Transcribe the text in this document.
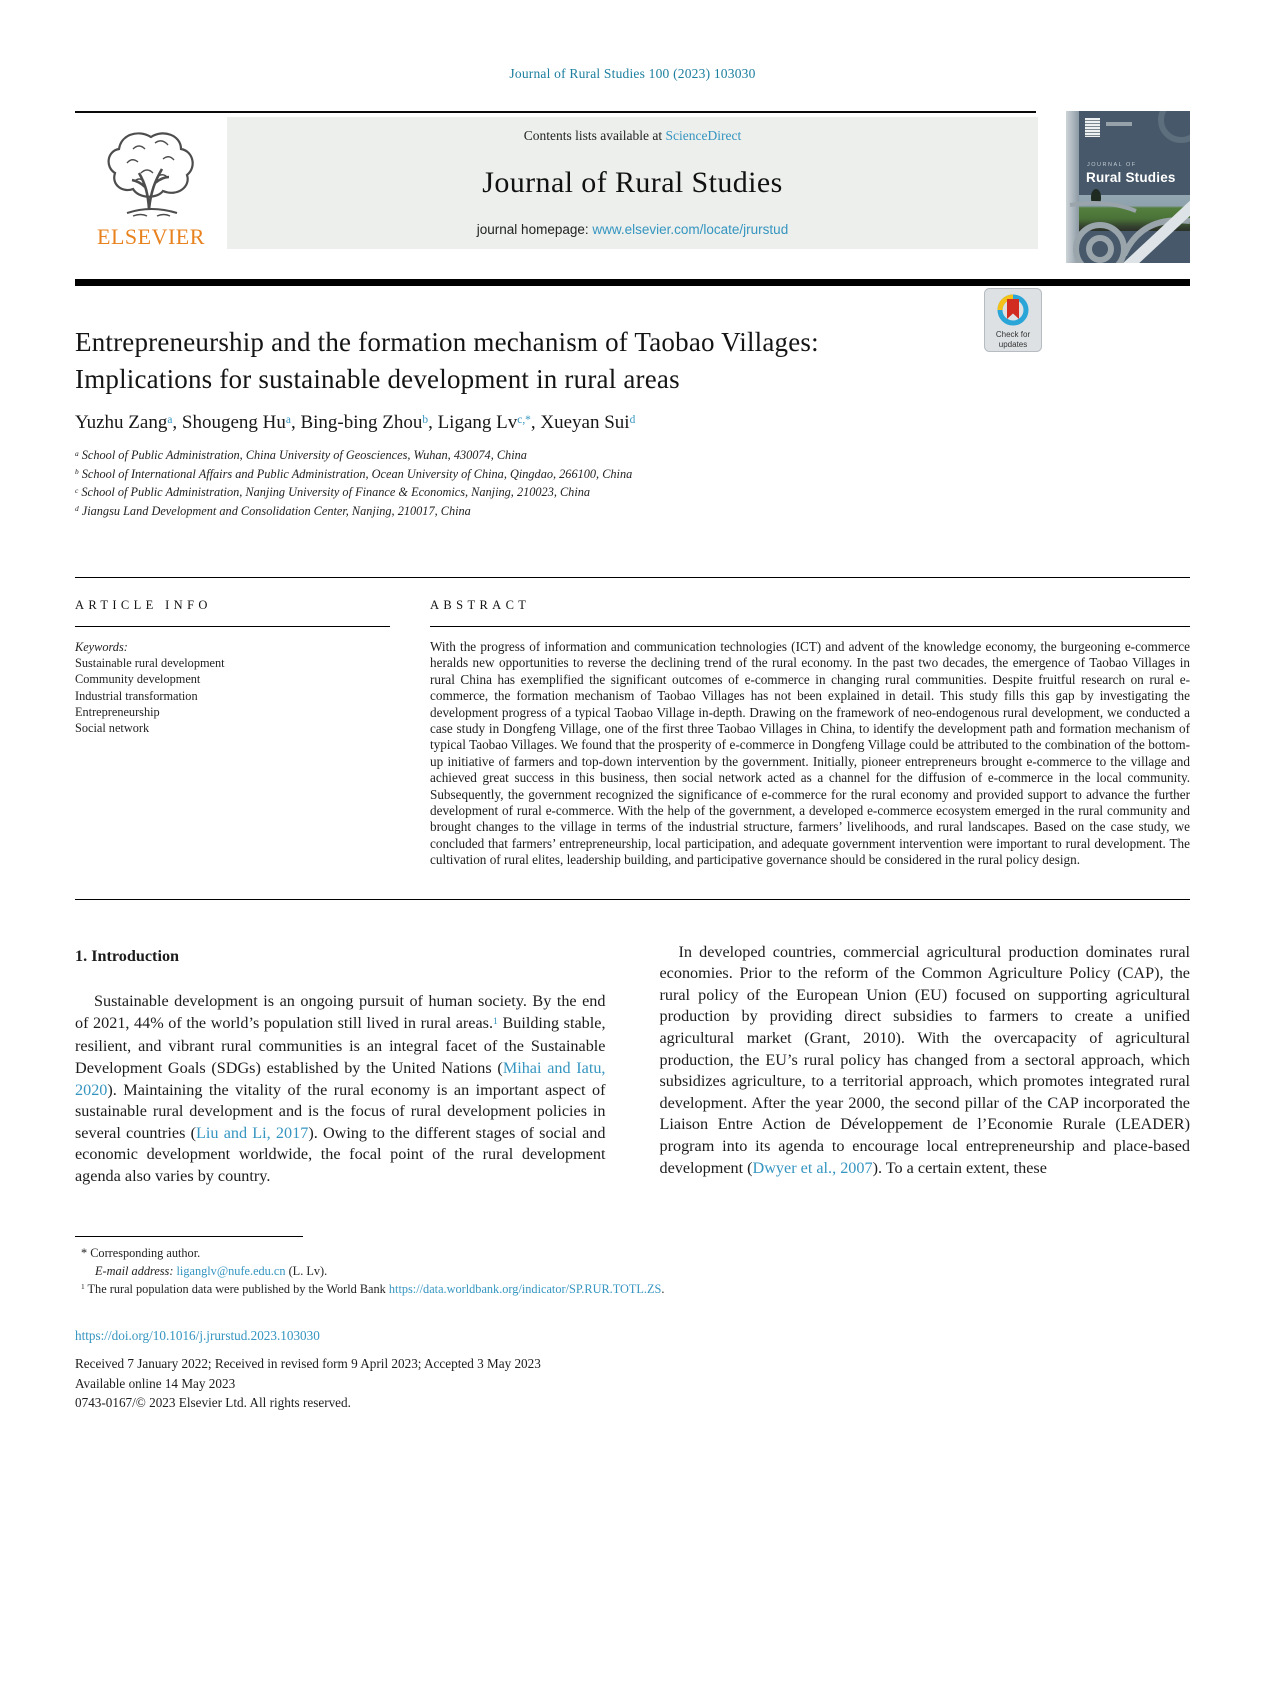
Journal of Rural Studies 100 (2023) 103030
ELSEVIER
Contents lists available at ScienceDirect
Journal of Rural Studies
journal homepage: www.elsevier.com/locate/jrurstud
JOURNAL OF
Rural Studies
Entrepreneurship and the formation mechanism of Taobao Villages:
Implications for sustainable development in rural areas
Check for
updates
Yuzhu Zang$^a$, Shougeng Hu$^a$, Bing-bing Zhou$^b$, Ligang $Lv^{c,*}$, Xueyan Sui$^d$
$^a$ School of Public Administration, China University of Geosciences, Wuhan, 430074, China
$^b$ School of International Affairs and Public Administration, Ocean University of China, Qingdao, 266100, China
$^c$ School of Public Administration, Nanjing University of Finance & Economics, Nanjing, 210023, China
$^d$ Jiangsu Land Development and Consolidation Center, Nanjing, 210017, China
ARTICLE INFO
Keywords:
Sustainable rural development
Community development
Industrial transformation
Entrepreneurship
Social network
ABSTRACT

With the progress of information and communication technologies (ICT) and advent of the knowledge economy, the burgeoning e-commerce heralds new opportunities to reverse the declining trend of the rural economy. In the past two decades, the emergence of Taobao Villages in rural China has exemplified the significant outcomes of e-commerce in changing rural communities. Despite fruitful research on rural e-commerce, the formation mechanism of Taobao Villages has not been explained in detail. This study fills this gap by investigating the development progress of a typical Taobao Village in-depth. Drawing on the framework of neo-endogenous rural development, we conducted a case study in Dongfeng Village, one of the first three Taobao Villages in China, to identify the development path and formation mechanism of typical Taobao Villages. We found that the prosperity of e-commerce in Dongfeng Village could be attributed to the combination of the bottom-up initiative of farmers and top-down intervention by the government. Initially, pioneer entrepreneurs brought e-commerce to the village and achieved great success in this business, then social network acted as a channel for the diffusion of e-commerce in the local community. Subsequently, the government recognized the significance of e-commerce for the rural economy and provided support to advance the further development of rural e-commerce. With the help of the government, a developed e-commerce ecosystem emerged in the rural community and brought changes to the village in terms of the industrial structure, farmers’ livelihoods, and rural landscapes. Based on the case study, we concluded that farmers’ entrepreneurship, local participation, and adequate government intervention were important to rural development. The cultivation of rural elites, leadership building, and participative governance should be considered in the rural policy design.

1. Introduction

Sustainable development is an ongoing pursuit of human society. By the end of 2021, 44% of the world’s population still lived in rural areas.$^1$ Building stable, resilient, and vibrant rural communities is an integral facet of the Sustainable Development Goals (SDGs) established by the United Nations (Mihai and Iatu, 2020). Maintaining the vitality of the rural economy is an important aspect of sustainable rural development and is the focus of rural development policies in several countries (Liu and Li, 2017). Owing to the different stages of social and economic development worldwide, the focal point of the rural development agenda also varies by country.

In developed countries, commercial agricultural production dominates rural economies. Prior to the reform of the Common Agriculture Policy (CAP), the rural policy of the European Union (EU) focused on supporting agricultural production by providing direct subsidies to farmers to create a unified agricultural market (Grant, 2010). With the overcapacity of agricultural production, the EU’s rural policy has changed from a sectoral approach, which subsidizes agriculture, to a territorial approach, which promotes integrated rural development. After the year 2000, the second pillar of the CAP incorporated the Liaison Entre Action de Développement de l’Economie Rurale (LEADER) program into its agenda to encourage local entrepreneurship and place-based development (Dwyer et al., 2007). To a certain extent, these

* Corresponding author.
E-mail address: liganglv@nufe.edu.cn (L. Lv).
$^1$ The rural population data were published by the World Bank https://data.worldbank.org/indicator/SP.RUR.TOTL.ZS.
https://doi.org/10.1016/j.jrurstud.2023.103030
Received 7 January 2022; Received in revised form 9 April 2023; Accepted 3 May 2023
Available online 14 May 2023
0743-0167/© 2023 Elsevier Ltd. All rights reserved.
